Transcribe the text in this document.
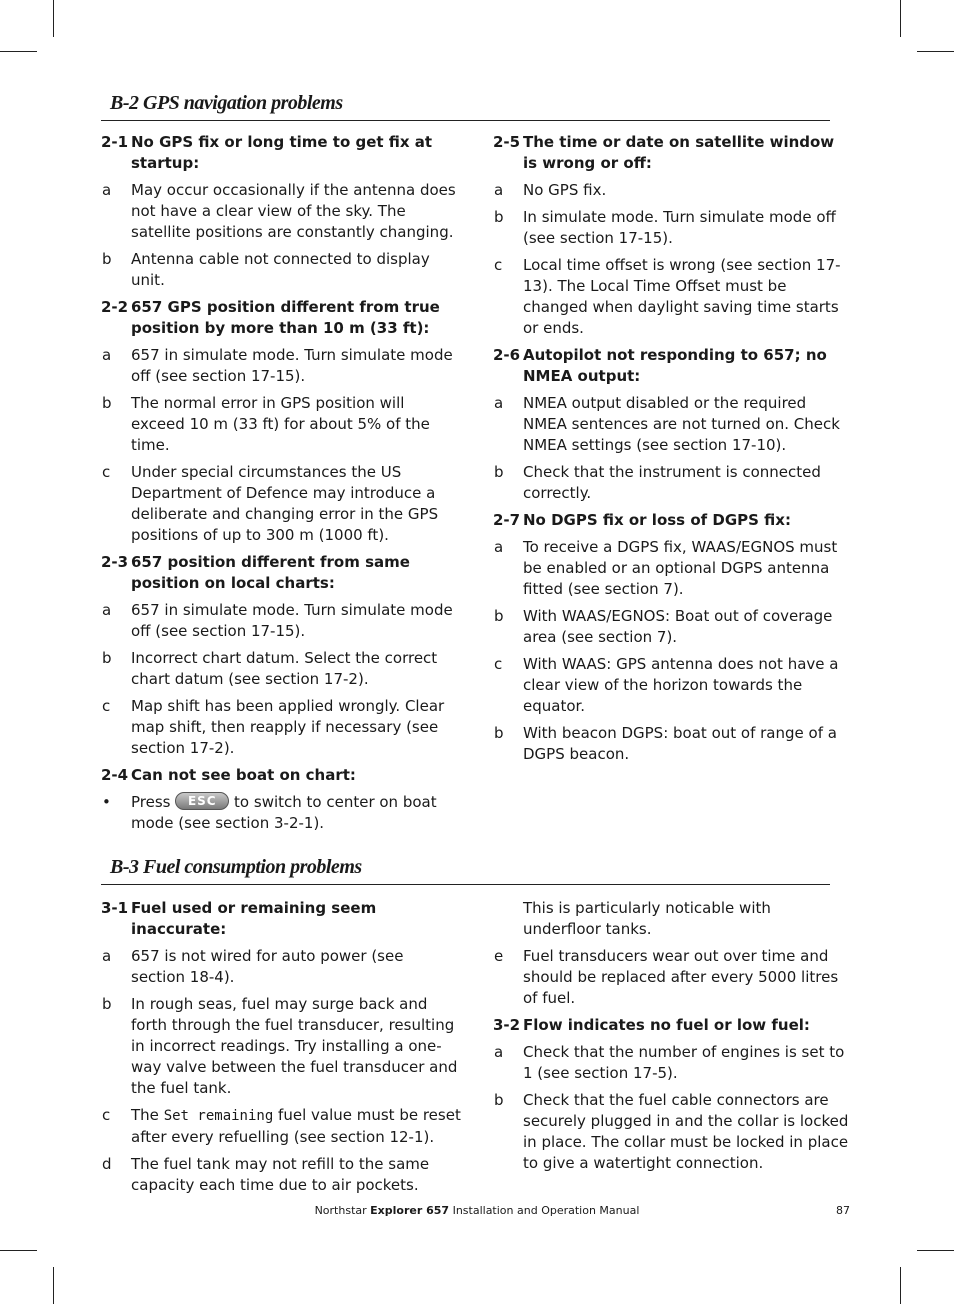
B-2 GPS navigation problems
2-1 No GPS fix or long time to get fix at startup:
a	May occur occasionally if the antenna does not have a clear view of the sky. The satellite positions are constantly changing.
b	Antenna cable not connected to display unit.
2-2 657 GPS position different from true position by more than 10 m (33 ft):
a	657 in simulate mode. Turn simulate mode off (see section 17-15).
b	The normal error in GPS position will exceed 10 m (33 ft) for about 5% of the time.
c	Under special circumstances the US Department of Defence may introduce a deliberate and changing error in the GPS positions of up to 300 m (1000 ft).
2-3 657 position different from same position on local charts:
a	657 in simulate mode. Turn simulate mode off (see section 17-15).
b	Incorrect chart datum. Select the correct chart datum (see section 17-2).
c	Map shift has been applied wrongly. Clear map shift, then reapply if necessary (see section 17-2).
2-4 Can not see boat on chart:
•	Press ESC to switch to center on boat mode (see section 3-2-1).
2-5 The time or date on satellite window is wrong or off:
a	No GPS fix.
b	In simulate mode. Turn simulate mode off (see section 17-15).
c	Local time offset is wrong (see section 17-13). The Local Time Offset must be changed when daylight saving time starts or ends.
2-6 Autopilot not responding to 657; no NMEA output:
a	NMEA output disabled or the required NMEA sentences are not turned on. Check NMEA settings (see section 17-10).
b	Check that the instrument is connected correctly.
2-7 No DGPS fix or loss of DGPS fix:
a	To receive a DGPS fix, WAAS/EGNOS must be enabled or an optional DGPS antenna fitted (see section 7).
b	With WAAS/EGNOS: Boat out of coverage area (see section 7).
c	With WAAS: GPS antenna does not have a clear view of the horizon towards the equator.
b	With beacon DGPS: boat out of range of a DGPS beacon.
B-3 Fuel consumption problems
3-1 Fuel used or remaining seem inaccurate:
a	657 is not wired for auto power (see section 18-4).
b	In rough seas, fuel may surge back and forth through the fuel transducer, resulting in incorrect readings. Try installing a one-way valve between the fuel transducer and the fuel tank.
c	The Set remaining fuel value must be reset after every refuelling (see section 12-1).
d	The fuel tank may not refill to the same capacity each time due to air pockets.
This is particularly noticable with underfloor tanks.
e	Fuel transducers wear out over time and should be replaced after every 5000 litres of fuel.
3-2 Flow indicates no fuel or low fuel:
a	Check that the number of engines is set to 1 (see section 17-5).
b	Check that the fuel cable connectors are securely plugged in and the collar is locked in place. The collar must be locked in place to give a watertight connection.
Northstar Explorer 657 Installation and Operation Manual	87
